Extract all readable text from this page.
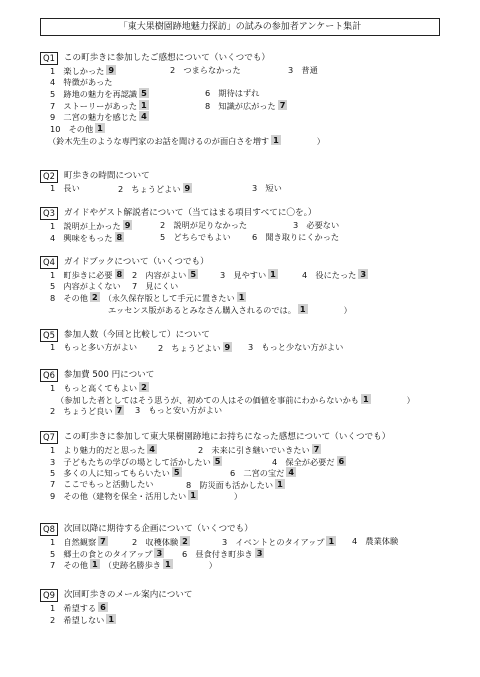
「東大果樹園跡地魅力探訪」の試みの参加者アンケート集計
Q1 この町歩きに参加したご感想について（いくつでも）
1　楽しかった 9	2　つまらなかった	3　普通
4　特徴があった
5　跡地の魅力を再認識 5	6　期待はずれ
7　ストーリーがあった 1	8　知識が広がった 7
9　二宮の魅力を感じた 4
10　その他 1
（鈴木先生のような専門家のお話を聞けるのが面白さを増す 1	）
Q2 町歩きの時間について
1　長い	2　ちょうどよい 9	3　短い
Q3 ガイドやゲスト解説者について（当てはまる項目すべてに〇を。）
1　説明が上かった 9	2　説明が足りなかった	3　必要ない
4　興味をもった 8	5　どちらでもよい	6　聞き取りにくかった
Q4 ガイドブックについて（いくつでも）
1　町歩きに必要 8 2　内容がよい 5	3　見やすい 1	4　役にたった 3
5　内容がよくない 7　見にくい
8　その他 2 （永久保存版として手元に置きたい 1
エッセンス版があるとみなさん購入されるのでは。 1	）
Q5 参加人数（今回と比較して）について
1　もっと多い方がよい	2　ちょうどよい 9 3　もっと少ない方がよい
Q6 参加費 500 円について
1　もっと高くてもよい 2
（参加した者としてはそう思うが、初めての人はその価値を事前にわからないかも 1	）
2　ちょうど良い 7 3　もっと安い方がよい
Q7 この町歩きに参加して東大果樹園跡地にお持ちになった感想について（いくつでも）
1　より魅力的だと思った 4	2　未来に引き継いでいきたい 7
3　子どもたちの学びの場として活かしたい 5	4　保全が必要だ 6
5　多くの人に知ってもらいたい 5	6　二宮の宝だ 4
7　ここでもっと活動したい	8　防災面も活かしたい 1
9　その他（建物を保全・活用したい 1	）
Q8 次回以降に期待する企画について（いくつでも）
1　自然観察 7	2　収穫体験 2	3　イベントとのタイアップ 1 4　農業体験
5　郷土の食とのタイアップ 3 6　昼食付き町歩き 3
7　その他 1 （史跡名勝歩き 1	）
Q9 次回町歩きのメール案内について
1　希望する 6
2　希望しない 1
